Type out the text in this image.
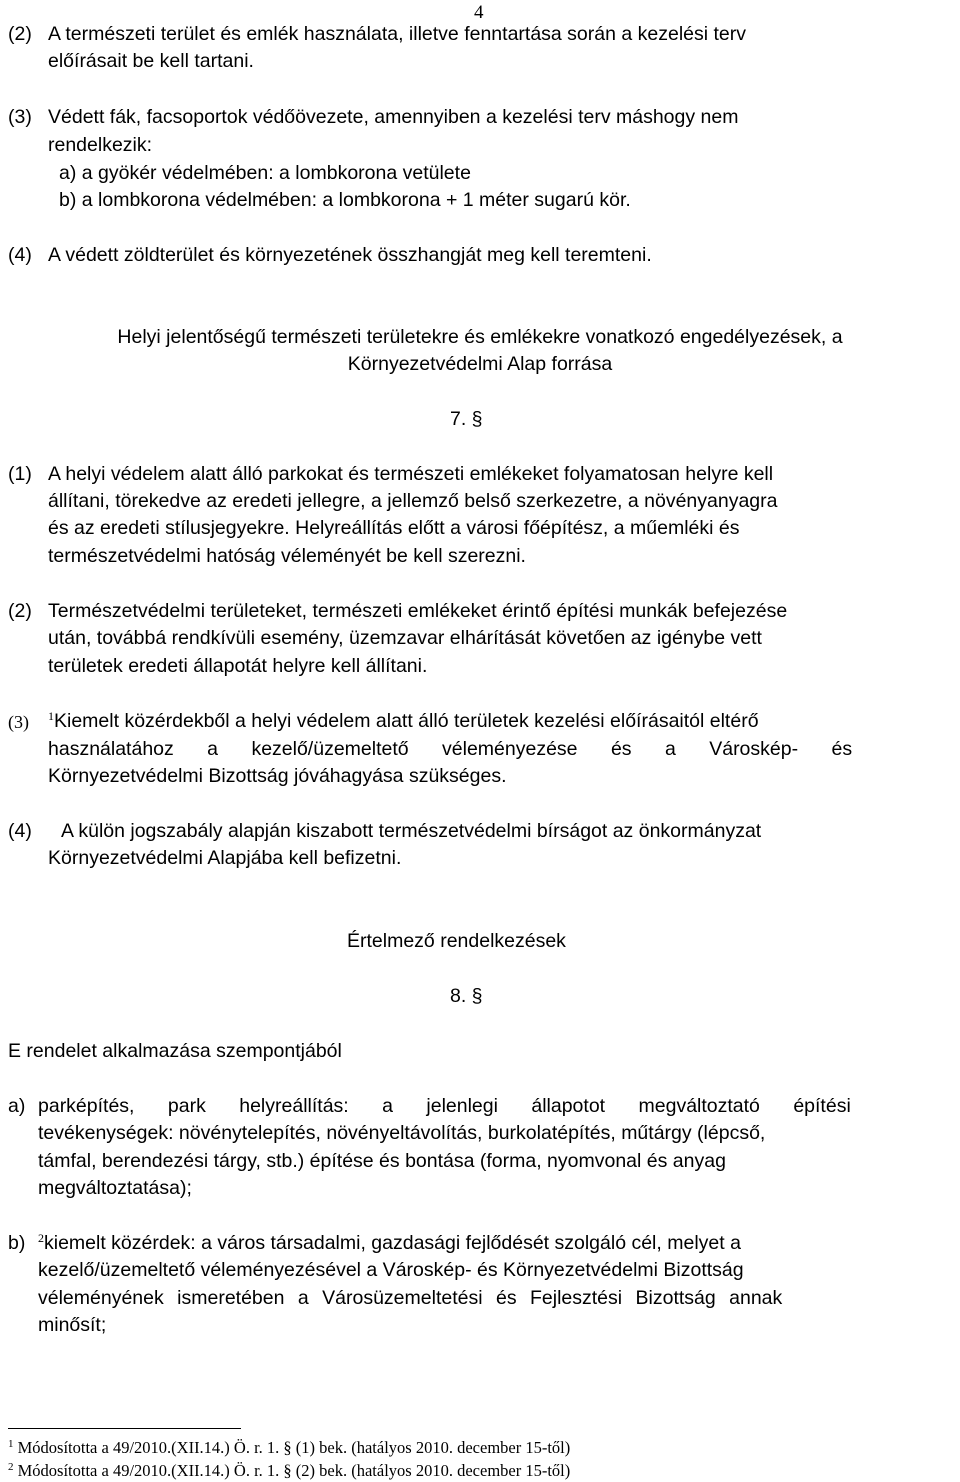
4
(2) A természeti terület és emlék használata, illetve fenntartása során a kezelési terv
előírásait be kell tartani.
(3) Védett fák, facsoportok védőövezete, amennyiben a kezelési terv máshogy nem
rendelkezik:
a) a gyökér védelmében: a lombkorona vetülete
b) a lombkorona védelmében: a lombkorona + 1 méter sugarú kör.
(4) A védett zöldterület és környezetének összhangját meg kell teremteni.
Helyi jelentőségű természeti területekre és emlékekre vonatkozó engedélyezések, a
Környezetvédelmi Alap forrása
7. §
(1) A helyi védelem alatt álló parkokat és természeti emlékeket folyamatosan helyre kell
állítani, törekedve az eredeti jellegre, a jellemző belső szerkezetre, a növényanyagra
és az eredeti stílusjegyekre. Helyreállítás előtt a városi főépítész, a műemléki és
természetvédelmi hatóság véleményét be kell szerezni.
(2) Természetvédelmi területeket, természeti emlékeket érintő építési munkák befejezése
után, továbbá rendkívüli esemény, üzemzavar elhárítását követően az igénybe vett
területek eredeti állapotát helyre kell állítani.
(3) $^1$Kiemelt közérdekből a helyi védelem alatt álló területek kezelési előírásaitól eltérő
használatához a kezelő/üzemeltető véleményezése és a Városkép- és
Környezetvédelmi Bizottság jóváhagyása szükséges.
(4) A külön jogszabály alapján kiszabott természetvédelmi bírságot az önkormányzat
Környezetvédelmi Alapjába kell befizetni.
Értelmező rendelkezések
8. §
E rendelet alkalmazása szempontjából
a) parképítés, park helyreállítás: a jelenlegi állapotot megváltoztató építési
tevékenységek: növénytelepítés, növényeltávolítás, burkolatépítés, műtárgy (lépcső,
támfal, berendezési tárgy, stb.) építése és bontása (forma, nyomvonal és anyag
megváltoztatása);
b) $^2$kiemelt közérdek: a város társadalmi, gazdasági fejlődését szolgáló cél, melyet a
kezelő/üzemeltető véleményezésével a Városkép- és Környezetvédelmi Bizottság
véleményének ismeretében a Városüzemeltetési és Fejlesztési Bizottság annak
minősít;
$^1$ Módosította a 49/2010.(XII.14.) Ö. r. 1. § (1) bek. (hatályos 2010. december 15-től)
$^2$ Módosította a 49/2010.(XII.14.) Ö. r. 1. § (2) bek. (hatályos 2010. december 15-től)
